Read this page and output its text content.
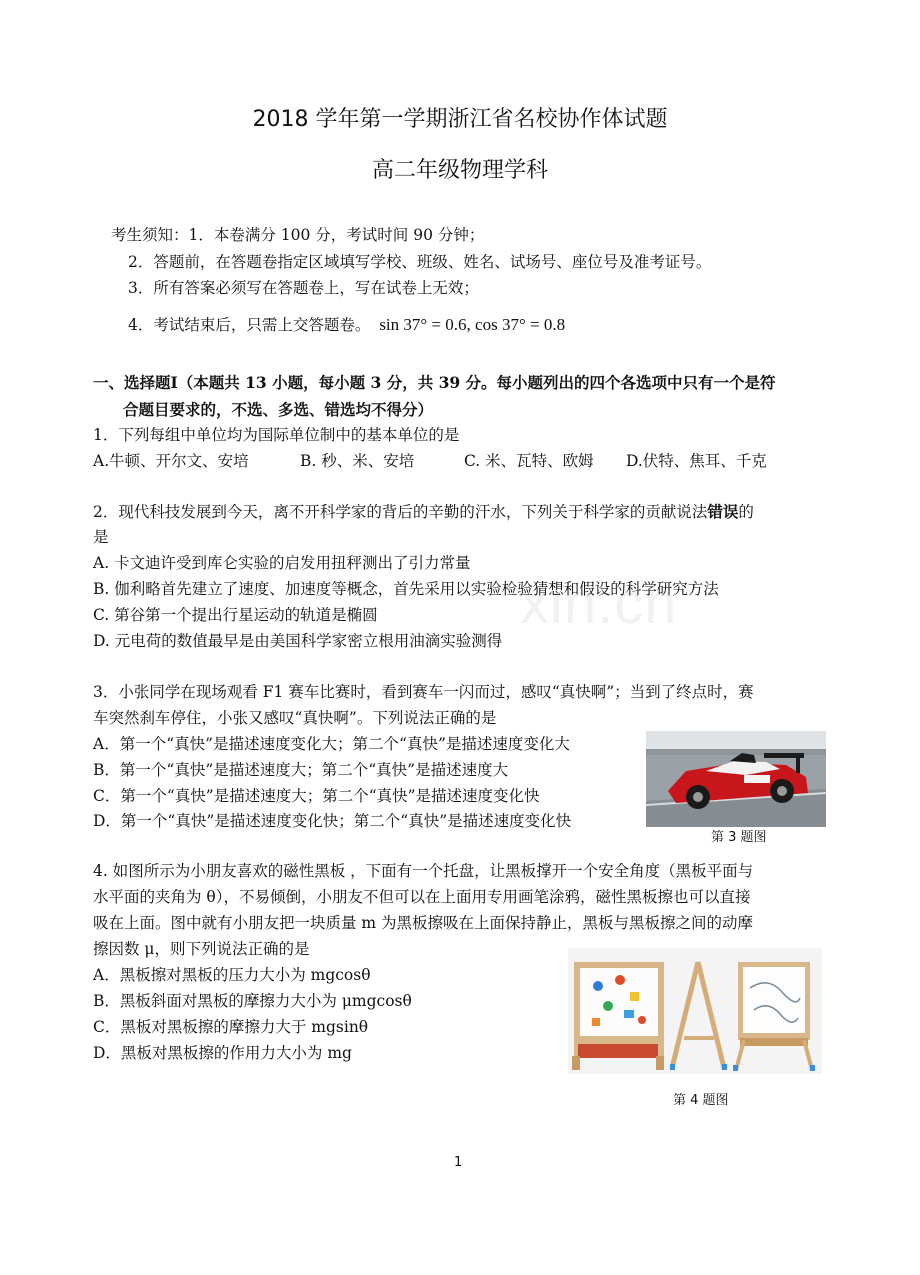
2018 学年第一学期浙江省名校协作体试题
高二年级物理学科
考生须知：1．本卷满分 100 分，考试时间 90 分钟；
2．答题前，在答题卷指定区域填写学校、班级、姓名、试场号、座位号及准考证号。
3．所有答案必须写在答题卷上，写在试卷上无效；
4．考试结束后，只需上交答题卷。 sin 37° = 0.6, cos 37° = 0.8
一、选择题I（本题共 13 小题，每小题 3 分，共 39 分。每小题列出的四个各选项中只有一个是符
合题目要求的，不选、多选、错选均不得分）
1．下列每组中单位均为国际单位制中的基本单位的是
A.牛顿、开尔文、安培	B. 秒、米、安培	C. 米、瓦特、欧姆 D.伏特、焦耳、千克
2．现代科技发展到今天，离不开科学家的背后的辛勤的汗水，下列关于科学家的贡献说法错误的
是
A. 卡文迪许受到库仑实验的启发用扭秤测出了引力常量
B. 伽利略首先建立了速度、加速度等概念，首先采用以实验检验猜想和假设的科学研究方法
C. 第谷第一个提出行星运动的轨道是椭圆
D. 元电荷的数值最早是由美国科学家密立根用油滴实验测得
xin.cn
3．小张同学在现场观看 F1 赛车比赛时，看到赛车一闪而过，感叹“真快啊”；当到了终点时，赛
车突然刹车停住，小张又感叹“真快啊”。下列说法正确的是
A．第一个“真快”是描述速度变化大；第二个“真快”是描述速度变化大
B．第一个“真快”是描述速度大；第二个“真快”是描述速度大
C．第一个“真快”是描述速度大；第二个“真快”是描述速度变化快
D．第一个“真快”是描述速度变化快；第二个“真快”是描述速度变化快
第 3 题图
4. 如图所示为小朋友喜欢的磁性黑板 ，下面有一个托盘，让黑板撑开一个安全角度（黑板平面与
水平面的夹角为 θ），不易倾倒，小朋友不但可以在上面用专用画笔涂鸦，磁性黑板擦也可以直接
吸在上面。图中就有小朋友把一块质量 m 为黑板擦吸在上面保持静止，黑板与黑板擦之间的动摩
擦因数 μ，则下列说法正确的是
A．黑板擦对黑板的压力大小为 mgcosθ
B．黑板斜面对黑板的摩擦力大小为 μmgcosθ
C．黑板对黑板擦的摩擦力大于 mgsinθ
D．黑板对黑板擦的作用力大小为 mg
第 4 题图
1
